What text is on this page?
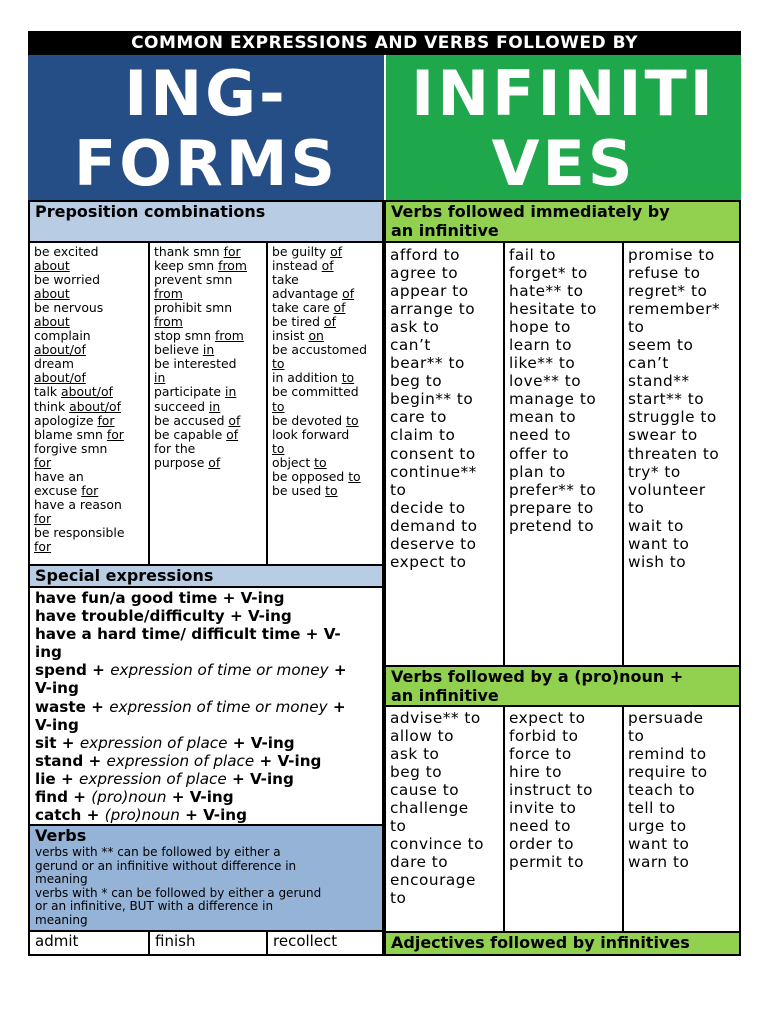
COMMON EXPRESSIONS AND VERBS FOLLOWED BY
ING-
FORMS
INFINITI
VES
Preposition combinations
be excited
about
be worried
about
be nervous
about
complain
about/of
dream
about/of
talk about/of
think about/of
apologize for
blame smn for
forgive smn
for
have an
excuse for
have a reason
for
be responsible
for
thank smn for
keep smn from
prevent smn
from
prohibit smn
from
stop smn from
believe in
be interested
in
participate in
succeed in
be accused of
be capable of
for the
purpose of
be guilty of
instead of
take
advantage of
take care of
be tired of
insist on
be accustomed
to
in addition to
be committed
to
be devoted to
look forward
to
object to
be opposed to
be used to
Special expressions
have fun/a good time + V-ing
have trouble/difficulty + V-ing
have a hard time/ difficult time + V-
ing
spend + expression of time or money +
V-ing
waste + expression of time or money +
V-ing
sit + expression of place + V-ing
stand + expression of place + V-ing
lie + expression of place + V-ing
find + (pro)noun + V-ing
catch + (pro)noun + V-ing
Verbs
verbs with ** can be followed by either a
gerund or an infinitive without difference in
meaning
verbs with * can be followed by either a gerund
or an infinitive, BUT with a difference in
meaning
admit	finish	recollect
Verbs followed immediately by
an infinitive
afford to
agree to
appear to
arrange to
ask to
can’t
bear** to
beg to
begin** to
care to
claim to
consent to
continue**
to
decide to
demand to
deserve to
expect to
fail to
forget* to
hate** to
hesitate to
hope to
learn to
like** to
love** to
manage to
mean to
need to
offer to
plan to
prefer** to
prepare to
pretend to
promise to
refuse to
regret* to
remember*
to
seem to
can’t
stand**
start** to
struggle to
swear to
threaten to
try* to
volunteer
to
wait to
want to
wish to
Verbs followed by a (pro)noun +
an infinitive
advise** to
allow to
ask to
beg to
cause to
challenge
to
convince to
dare to
encourage
to
expect to
forbid to
force to
hire to
instruct to
invite to
need to
order to
permit to
persuade
to
remind to
require to
teach to
tell to
urge to
want to
warn to
Adjectives followed by infinitives
